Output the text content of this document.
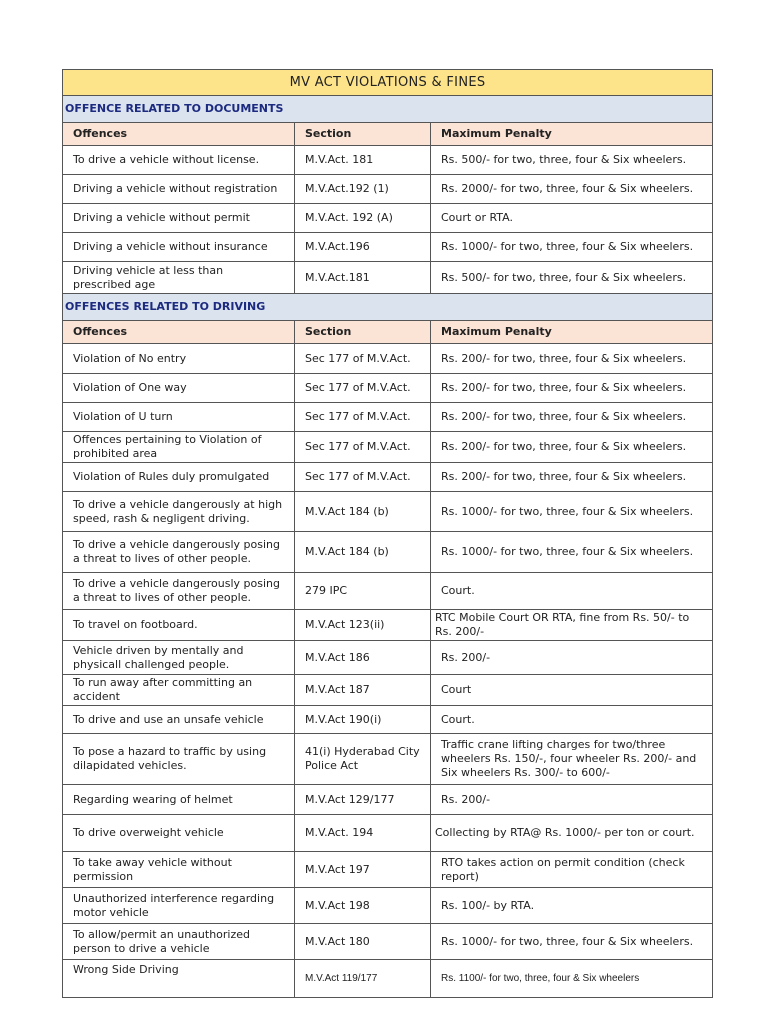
MV ACT VIOLATIONS & FINES		
OFFENCE RELATED TO DOCUMENTS		
Offences	Section	Maximum Penalty
To drive a vehicle without license.	M.V.Act. 181	Rs. 500/- for two, three, four & Six wheelers.
Driving a vehicle without registration	M.V.Act.192 (1)	Rs. 2000/- for two, three, four & Six wheelers.
Driving a vehicle without permit	M.V.Act. 192 (A)	Court or RTA.
Driving a vehicle without insurance	M.V.Act.196	Rs. 1000/- for two, three, four & Six wheelers.
Driving vehicle at less than prescribed age	M.V.Act.181	Rs. 500/- for two, three, four & Six wheelers.
OFFENCES RELATED TO DRIVING		
Offences	Section	Maximum Penalty
Violation of No entry	Sec 177 of M.V.Act.	Rs. 200/- for two, three, four & Six wheelers.
Violation of One way	Sec 177 of M.V.Act.	Rs. 200/- for two, three, four & Six wheelers.
Violation of U turn	Sec 177 of M.V.Act.	Rs. 200/- for two, three, four & Six wheelers.
Offences pertaining to Violation of prohibited area	Sec 177 of M.V.Act.	Rs. 200/- for two, three, four & Six wheelers.
Violation of Rules duly promulgated	Sec 177 of M.V.Act.	Rs. 200/- for two, three, four & Six wheelers.
To drive a vehicle dangerously at high speed, rash & negligent driving.	M.V.Act 184 (b)	Rs. 1000/- for two, three, four & Six wheelers.
To drive a vehicle dangerously posing a threat to lives of other people.	M.V.Act 184 (b)	Rs. 1000/- for two, three, four & Six wheelers.
To drive a vehicle dangerously posing a threat to lives of other people.	279 IPC	Court.
To travel on footboard.	M.V.Act 123(ii)	RTC Mobile Court OR RTA, fine from Rs. 50/- to Rs. 200/-
Vehicle driven by mentally and physicall challenged people.	M.V.Act 186	Rs. 200/-
To run away after committing an accident	M.V.Act 187	Court
To drive and use an unsafe vehicle	M.V.Act 190(i)	Court.
To pose a hazard to traffic by using dilapidated vehicles.	41(i) Hyderabad City Police Act	Traffic crane lifting charges for two/three wheelers Rs. 150/-, four wheeler Rs. 200/- and Six wheelers Rs. 300/- to 600/-
Regarding wearing of helmet	M.V.Act 129/177	Rs. 200/-
To drive overweight vehicle	M.V.Act. 194	Collecting by RTA@ Rs. 1000/- per ton or court.
To take away vehicle without permission	M.V.Act 197	RTO takes action on permit condition (check report)
Unauthorized interference regarding motor vehicle	M.V.Act 198	Rs. 100/- by RTA.
To allow/permit an unauthorized person to drive a vehicle	M.V.Act 180	Rs. 1000/- for two, three, four & Six wheelers.
Wrong Side Driving	M.V.Act 119/177	Rs. 1100/- for two, three, four & Six wheelers
